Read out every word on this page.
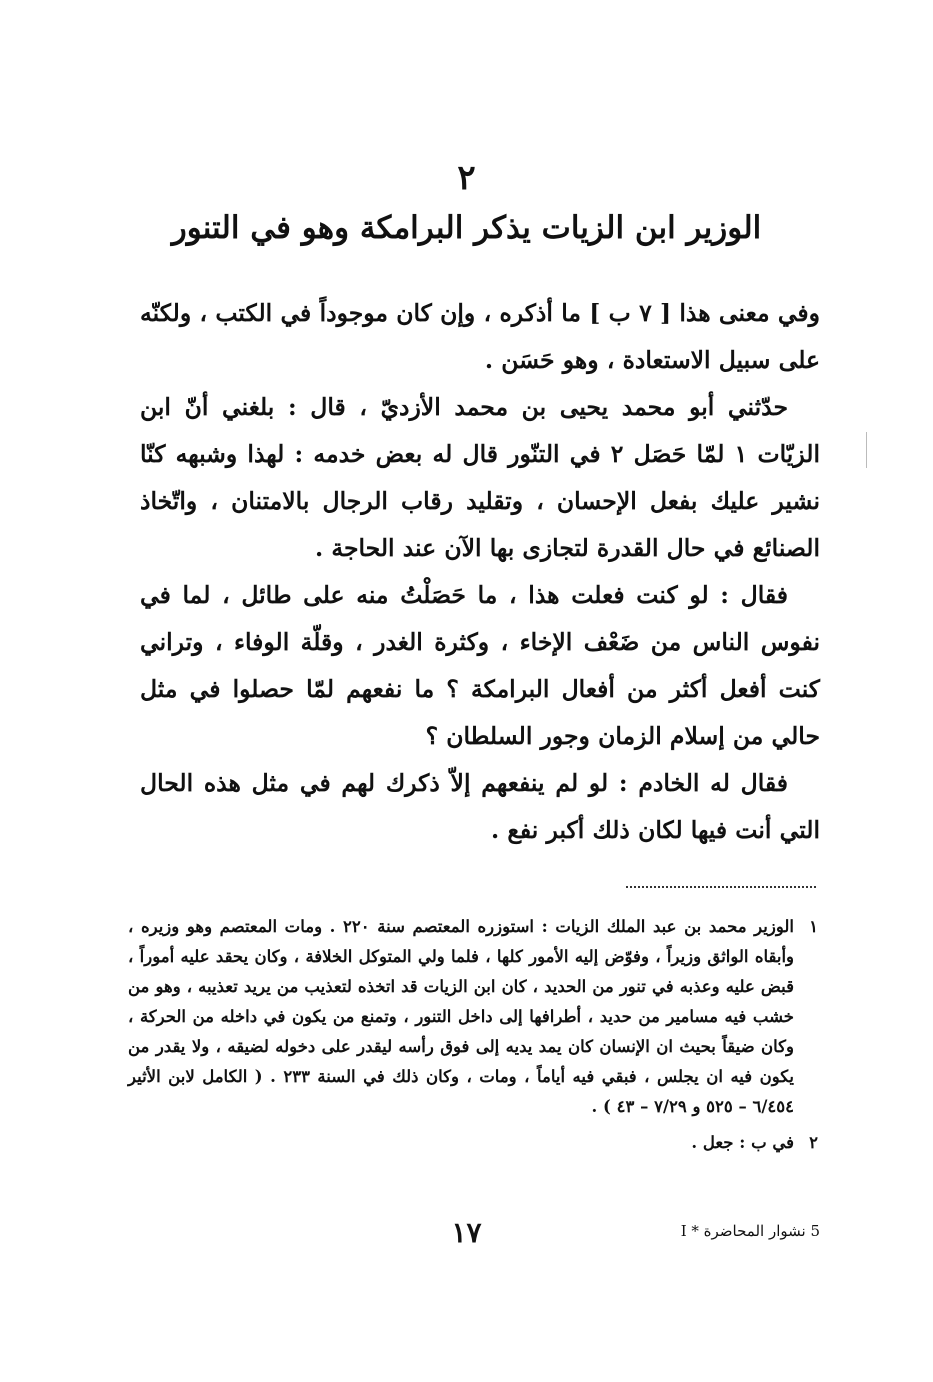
٢
الوزير ابن الزيات يذكر البرامكة وهو في التنور

وفي معنى هذا [ ٧ ب ] ما أذكره ، وإن كان موجوداً في الكتب ، ولكنّه على سبيل الاستعادة ، وهو حَسَن .

حدّثني أبو محمد يحيى بن محمد الأزديّ ، قال : بلغني أنّ ابن الزيّات ١ لمّا حَصَل ٢ في التنّور قال له بعض خدمه : لهذا وشبهه كنّا نشير عليك بفعل الإحسان ، وتقليد رقاب الرجال بالامتنان ، واتّخاذ الصنائع في حال القدرة لتجازى بها الآن عند الحاجة .

فقال : لو كنت فعلت هذا ، ما حَصَلْتُ منه على طائل ، لما في نفوس الناس من ضَعْف الإخاء ، وكثرة الغدر ، وقلّة الوفاء ، وتراني كنت أفعل أكثر من أفعال البرامكة ؟ ما نفعهم لمّا حصلوا في مثل حالي من إسلام الزمان وجور السلطان ؟

فقال له الخادم : لو لم ينفعهم إلاّ ذكرك لهم في مثل هذه الحال التي أنت فيها لكان ذلك أكبر نفع .

١
الوزير محمد بن عبد الملك الزيات : استوزره المعتصم سنة ٢٢٠ . ومات المعتصم وهو وزيره ، وأبقاه الواثق وزيراً ، وفوّض إليه الأمور كلها ، فلما ولي المتوكل الخلافة ، وكان يحقد عليه أموراً ، قبض عليه وعذبه في تنور من الحديد ، كان ابن الزيات قد اتخذه لتعذيب من يريد تعذيبه ، وهو من خشب فيه مسامير من حديد ، أطرافها إلى داخل التنور ، وتمنع من يكون في داخله من الحركة ، وكان ضيقاً بحيث ان الإنسان كان يمد يديه إلى فوق رأسه ليقدر على دخوله لضيقه ، ولا يقدر من يكون فيه ان يجلس ، فبقي فيه أياماً ، ومات ، وكان ذلك في السنة ٢٣٣ . ( الكامل لابن الأثير ٦/٤٥٤ – ٥٢٥ و ٧/٢٩ – ٤٣ ) .
٢
في ب : جعل .
١٧	5 نشوار المحاضرة * I
